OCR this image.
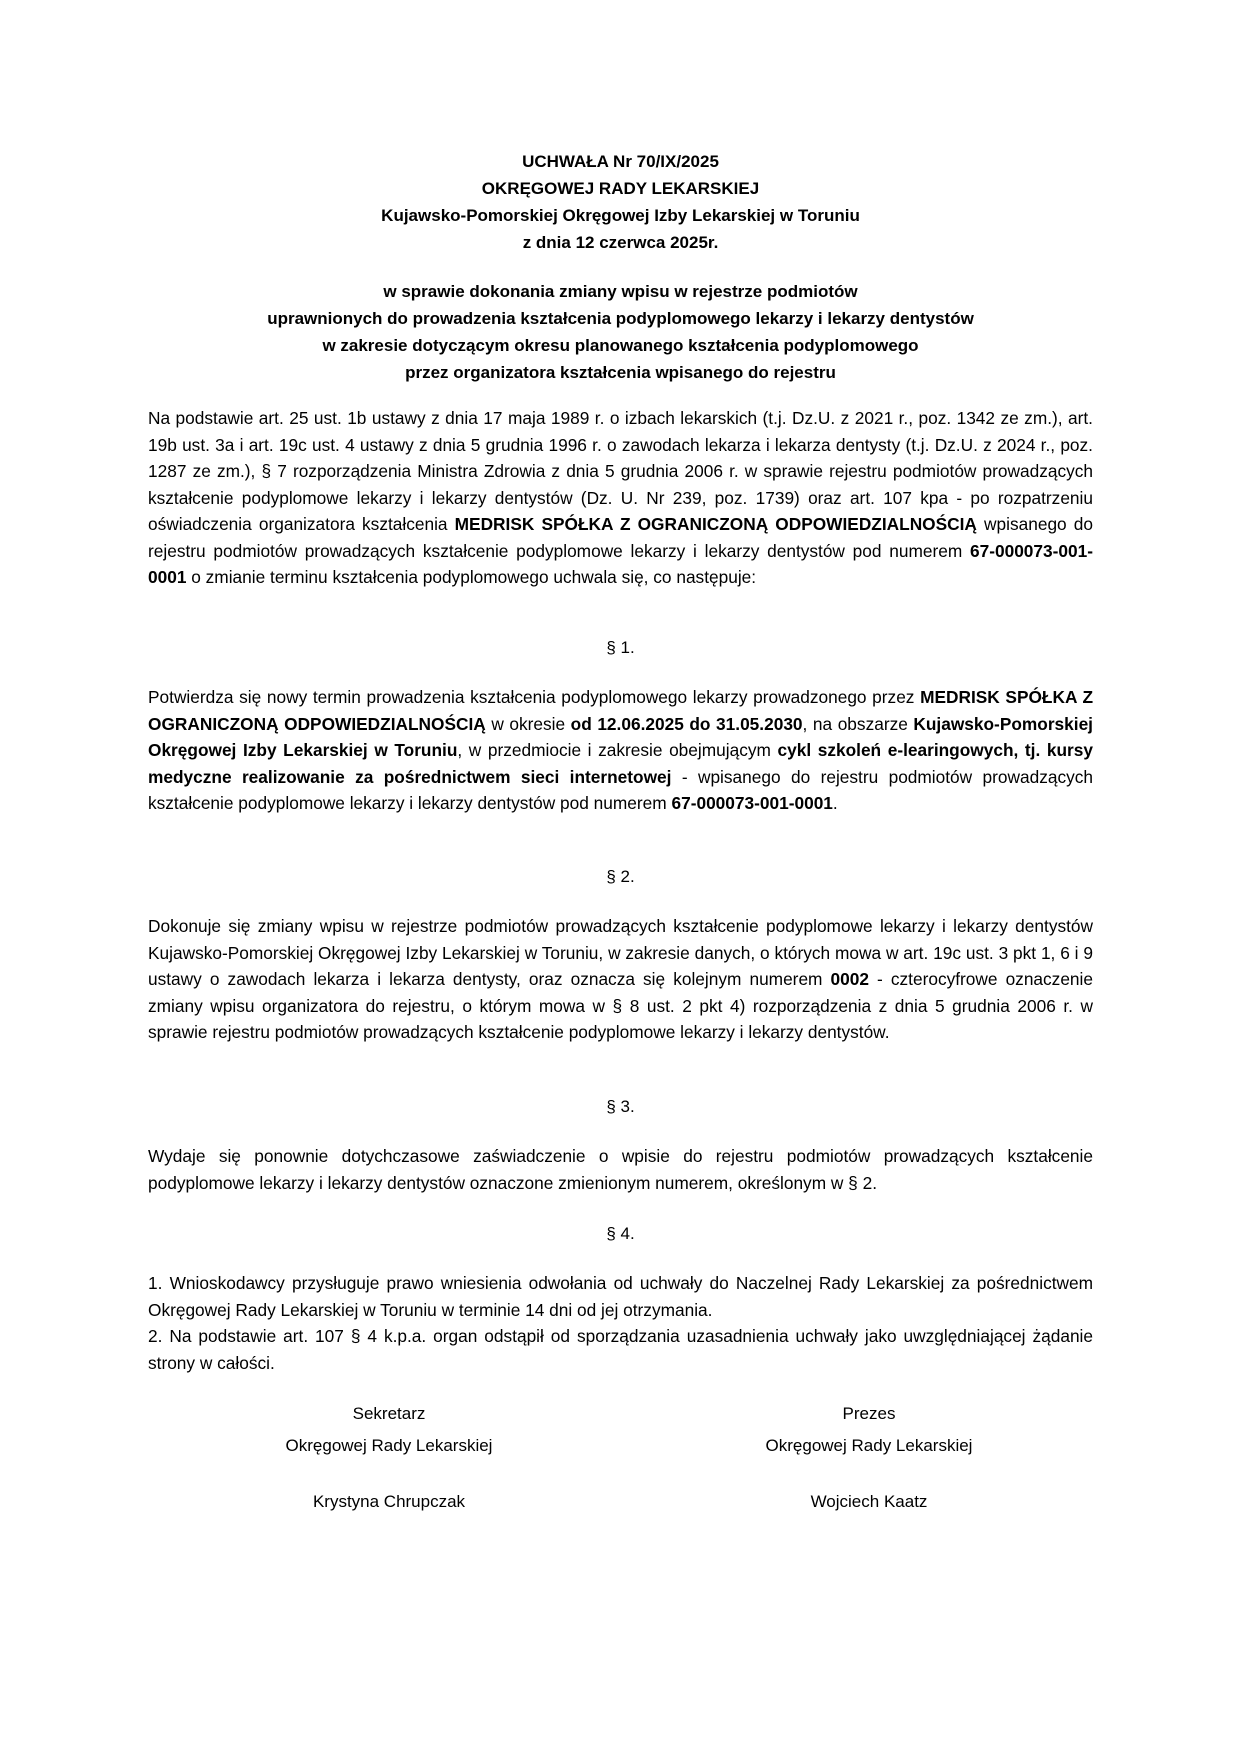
UCHWAŁA Nr 70/IX/2025
OKRĘGOWEJ RADY LEKARSKIEJ
Kujawsko-Pomorskiej Okręgowej Izby Lekarskiej w Toruniu
z dnia 12 czerwca 2025r.
w sprawie dokonania zmiany wpisu w rejestrze podmiotów
uprawnionych do prowadzenia kształcenia podyplomowego lekarzy i lekarzy dentystów
w zakresie dotyczącym okresu planowanego kształcenia podyplomowego
przez organizatora kształcenia wpisanego do rejestru
Na podstawie art. 25 ust. 1b ustawy z dnia 17 maja 1989 r. o izbach lekarskich (t.j. Dz.U. z 2021 r., poz. 1342 ze zm.), art. 19b ust. 3a i art. 19c ust. 4 ustawy z dnia 5 grudnia 1996 r. o zawodach lekarza i lekarza dentysty (t.j. Dz.U. z 2024 r., poz. 1287 ze zm.), § 7 rozporządzenia Ministra Zdrowia z dnia 5 grudnia 2006 r. w sprawie rejestru podmiotów prowadzących kształcenie podyplomowe lekarzy i lekarzy dentystów (Dz. U. Nr 239, poz. 1739) oraz art. 107 kpa - po rozpatrzeniu oświadczenia organizatora kształcenia MEDRISK SPÓŁKA Z OGRANICZONĄ ODPOWIEDZIALNOŚCIĄ wpisanego do rejestru podmiotów prowadzących kształcenie podyplomowe lekarzy i lekarzy dentystów pod numerem 67-000073-001-0001 o zmianie terminu kształcenia podyplomowego uchwala się, co następuje:
§ 1.
Potwierdza się nowy termin prowadzenia kształcenia podyplomowego lekarzy prowadzonego przez MEDRISK SPÓŁKA Z OGRANICZONĄ ODPOWIEDZIALNOŚCIĄ w okresie od 12.06.2025 do 31.05.2030, na obszarze Kujawsko-Pomorskiej Okręgowej Izby Lekarskiej w Toruniu, w przedmiocie i zakresie obejmującym cykl szkoleń e-learingowych, tj. kursy medyczne realizowanie za pośrednictwem sieci internetowej - wpisanego do rejestru podmiotów prowadzących kształcenie podyplomowe lekarzy i lekarzy dentystów pod numerem 67-000073-001-0001.
§ 2.
Dokonuje się zmiany wpisu w rejestrze podmiotów prowadzących kształcenie podyplomowe lekarzy i lekarzy dentystów Kujawsko-Pomorskiej Okręgowej Izby Lekarskiej w Toruniu, w zakresie danych, o których mowa w art. 19c ust. 3 pkt 1, 6 i 9 ustawy o zawodach lekarza i lekarza dentysty, oraz oznacza się kolejnym numerem 0002 - czterocyfrowe oznaczenie zmiany wpisu organizatora do rejestru, o którym mowa w § 8 ust. 2 pkt 4) rozporządzenia z dnia 5 grudnia 2006 r. w sprawie rejestru podmiotów prowadzących kształcenie podyplomowe lekarzy i lekarzy dentystów.
§ 3.
Wydaje się ponownie dotychczasowe zaświadczenie o wpisie do rejestru podmiotów prowadzących kształcenie podyplomowe lekarzy i lekarzy dentystów oznaczone zmienionym numerem, określonym w § 2.
§ 4.
1. Wnioskodawcy przysługuje prawo wniesienia odwołania od uchwały do Naczelnej Rady Lekarskiej za pośrednictwem Okręgowej Rady Lekarskiej w Toruniu w terminie 14 dni od jej otrzymania.
2. Na podstawie art. 107 § 4 k.p.a. organ odstąpił od sporządzania uzasadnienia uchwały jako uwzględniającej żądanie strony w całości.
Sekretarz
Okręgowej Rady Lekarskiej
Krystyna Chrupczak
Prezes
Okręgowej Rady Lekarskiej
Wojciech Kaatz
